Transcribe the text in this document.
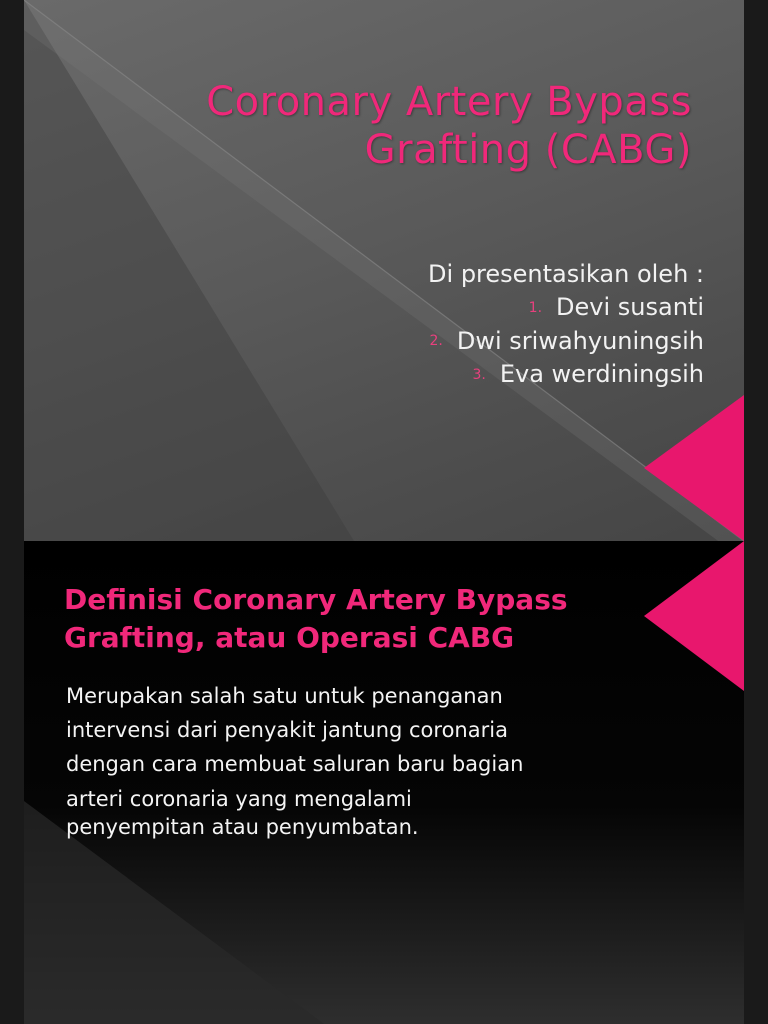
Coronary Artery Bypass
Grafting (CABG)
Di presentasikan oleh :
1. Devi susanti
2. Dwi sriwahyuningsih
3. Eva werdiningsih
Definisi Coronary Artery Bypass
Grafting, atau Operasi CABG
Merupakan salah satu untuk penanganan
intervensi dari penyakit jantung coronaria
dengan cara membuat saluran baru bagian
arteri coronaria yang mengalami
penyempitan atau penyumbatan.
